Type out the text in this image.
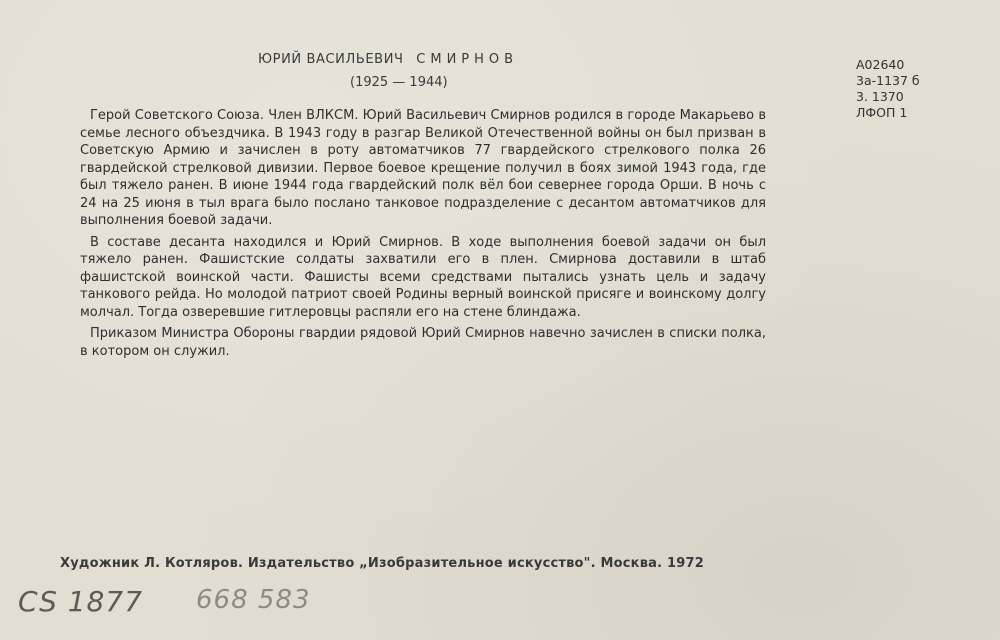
ЮРИЙ ВАСИЛЬЕВИЧ СМИРНОВ
(1925 — 1944)
А02640
3а-1137 б
3. 1370
ЛФОП 1

Герой Советского Союза. Член ВЛКСМ. Юрий Васильевич Смирнов родился в городе Макарьево в семье лесного объездчика. В 1943 году в разгар Великой Отечественной войны он был призван в Советскую Армию и зачислен в роту автоматчиков 77 гвардейского стрелкового полка 26 гвардейской стрелковой дивизии. Первое боевое крещение получил в боях зимой 1943 года, где был тяжело ранен. В июне 1944 года гвардейский полк вёл бои севернее города Орши. В ночь с 24 на 25 июня в тыл врага было послано танковое подразделение с десантом автоматчиков для выполнения боевой задачи.

В составе десанта находился и Юрий Смирнов. В ходе выполнения боевой задачи он был тяжело ранен. Фашистские солдаты захватили его в плен. Смирнова доставили в штаб фашистской воинской части. Фашисты всеми средствами пытались узнать цель и задачу танкового рейда. Но молодой патриот своей Родины верный воинской присяге и воинскому долгу молчал. Тогда озверевшие гитлеровцы распяли его на стене блиндажа.

Приказом Министра Обороны гвардии рядовой Юрий Смирнов навечно зачислен в списки полка, в котором он служил.

Художник Л. Котляров. Издательство „Изобразительное искусство". Москва. 1972
CS 1877 668 583
